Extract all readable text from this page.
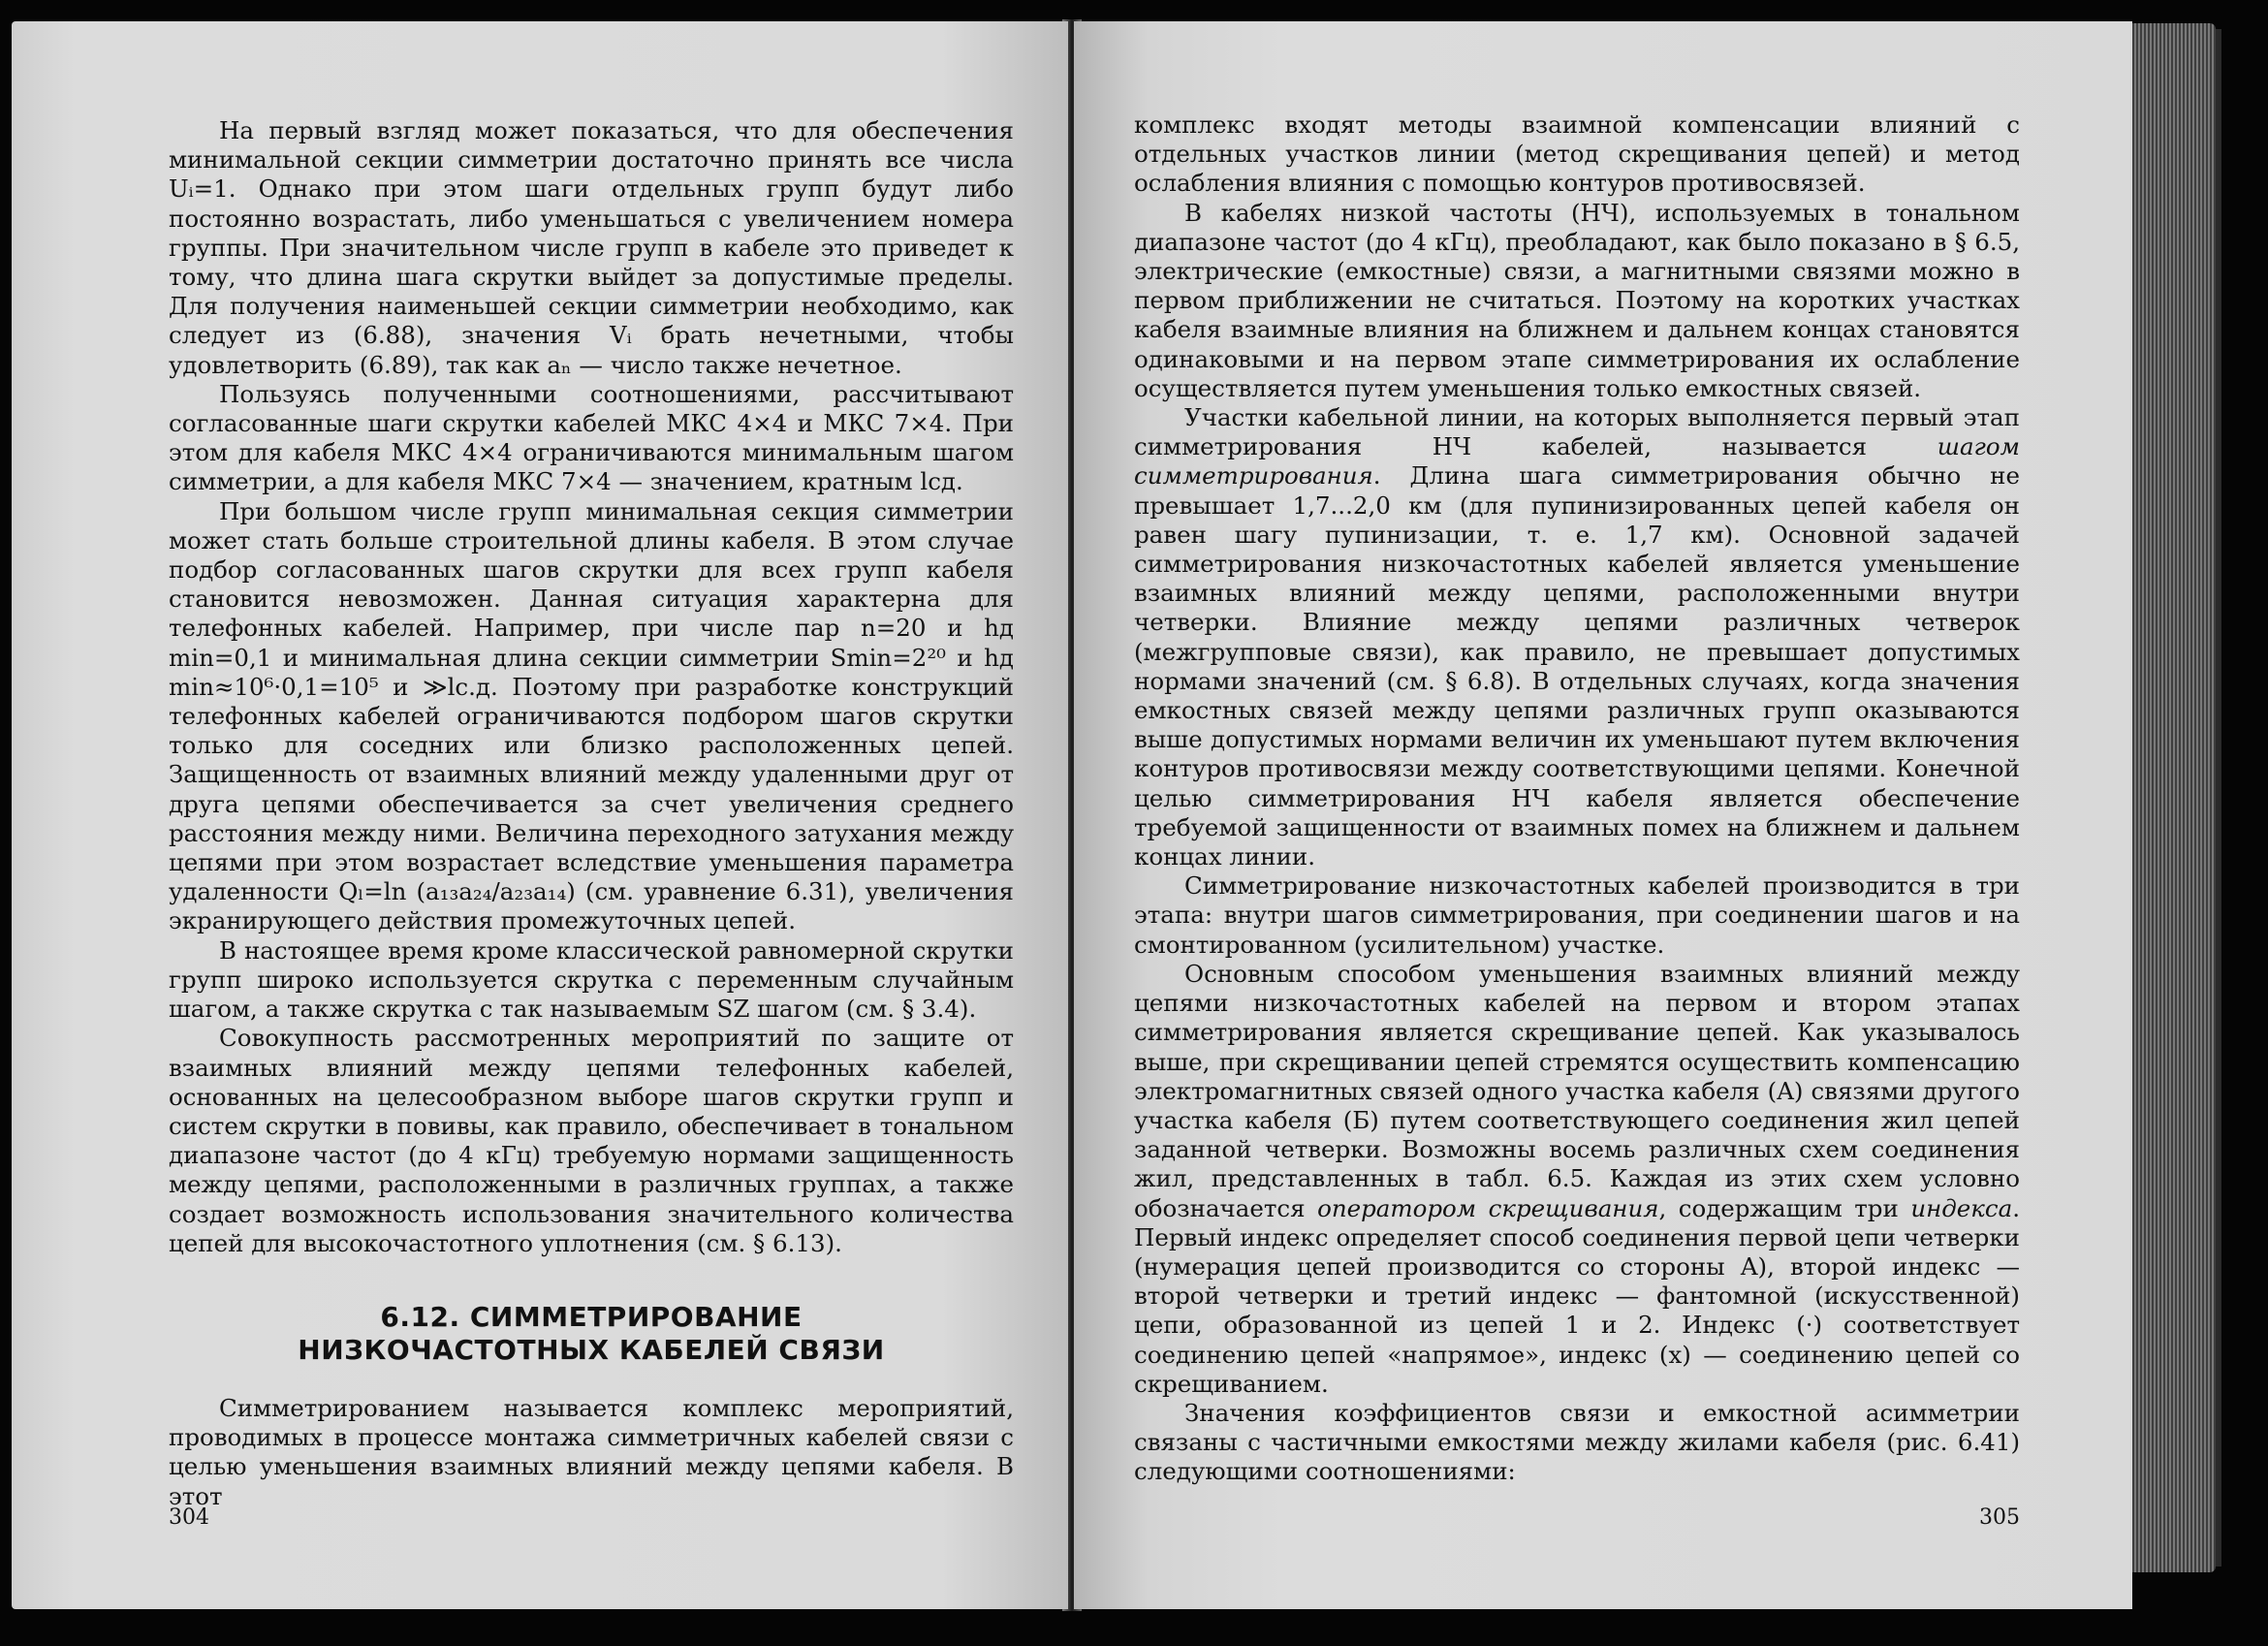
На первый взгляд может показаться, что для обеспечения минимальной секции симметрии достаточно принять все числа Uᵢ=1. Однако при этом шаги отдельных групп будут либо постоянно возрастать, либо уменьшаться с увеличением номера группы. При значительном числе групп в кабеле это приведет к тому, что длина шага скрутки выйдет за допустимые пределы. Для получения наименьшей секции симметрии необходимо, как следует из (6.88), значения Vᵢ брать нечетными, чтобы удовлетворить (6.89), так как aₙ — число также нечетное.

Пользуясь полученными соотношениями, рассчитывают согласованные шаги скрутки кабелей МКС 4×4 и МКС 7×4. При этом для кабеля МКС 4×4 ограничиваются минимальным шагом симметрии, а для кабеля МКС 7×4 — значением, кратным lсд.

При большом числе групп минимальная секция симметрии может стать больше строительной длины кабеля. В этом случае подбор согласованных шагов скрутки для всех групп кабеля становится невозможен. Данная ситуация характерна для телефонных кабелей. Например, при числе пар n=20 и hд min=0,1 и минимальная длина секции симметрии Smin=2²⁰ и hд min≈10⁶·0,1=10⁵ и ≫lс.д. Поэтому при разработке конструкций телефонных кабелей ограничиваются подбором шагов скрутки только для соседних или близко расположенных цепей. Защищенность от взаимных влияний между удаленными друг от друга цепями обеспечивается за счет увеличения среднего расстояния между ними. Величина переходного затухания между цепями при этом возрастает вследствие уменьшения параметра удаленности Qₗ=ln (a₁₃a₂₄/a₂₃a₁₄) (см. уравнение 6.31), увеличения экранирующего действия промежуточных цепей.

В настоящее время кроме классической равномерной скрутки групп широко используется скрутка с переменным случайным шагом, а также скрутка с так называемым SZ шагом (см. § 3.4).

Совокупность рассмотренных мероприятий по защите от взаимных влияний между цепями телефонных кабелей, основанных на целесообразном выборе шагов скрутки групп и систем скрутки в повивы, как правило, обеспечивает в тональном диапазоне частот (до 4 кГц) требуемую нормами защищенность между цепями, расположенными в различных группах, а также создает возможность использования значительного количества цепей для высокочастотного уплотнения (см. § 6.13).

6.12. СИММЕТРИРОВАНИЕ
НИЗКОЧАСТОТНЫХ КАБЕЛЕЙ СВЯЗИ

Симметрированием называется комплекс мероприятий, проводимых в процессе монтажа симметричных кабелей связи с целью уменьшения взаимных влияний между цепями кабеля. В этот

304

комплекс входят методы взаимной компенсации влияний с отдельных участков линии (метод скрещивания цепей) и метод ослабления влияния с помощью контуров противосвязей.

В кабелях низкой частоты (НЧ), используемых в тональном диапазоне частот (до 4 кГц), преобладают, как было показано в § 6.5, электрические (емкостные) связи, а магнитными связями можно в первом приближении не считаться. Поэтому на коротких участках кабеля взаимные влияния на ближнем и дальнем концах становятся одинаковыми и на первом этапе симметрирования их ослабление осуществляется путем уменьшения только емкостных связей.

Участки кабельной линии, на которых выполняется первый этап симметрирования НЧ кабелей, называется шагом симметрирования. Длина шага симметрирования обычно не превышает 1,7...2,0 км (для пупинизированных цепей кабеля он равен шагу пупинизации, т. е. 1,7 км). Основной задачей симметрирования низкочастотных кабелей является уменьшение взаимных влияний между цепями, расположенными внутри четверки. Влияние между цепями различных четверок (межгрупповые связи), как правило, не превышает допустимых нормами значений (см. § 6.8). В отдельных случаях, когда значения емкостных связей между цепями различных групп оказываются выше допустимых нормами величин их уменьшают путем включения контуров противосвязи между соответствующими цепями. Конечной целью симметрирования НЧ кабеля является обеспечение требуемой защищенности от взаимных помех на ближнем и дальнем концах линии.

Симметрирование низкочастотных кабелей производится в три этапа: внутри шагов симметрирования, при соединении шагов и на смонтированном (усилительном) участке.

Основным способом уменьшения взаимных влияний между цепями низкочастотных кабелей на первом и втором этапах симметрирования является скрещивание цепей. Как указывалось выше, при скрещивании цепей стремятся осуществить компенсацию электромагнитных связей одного участка кабеля (A) связями другого участка кабеля (Б) путем соответствующего соединения жил цепей заданной четверки. Возможны восемь различных схем соединения жил, представленных в табл. 6.5. Каждая из этих схем условно обозначается оператором скрещивания, содержащим три индекса. Первый индекс определяет способ соединения первой цепи четверки (нумерация цепей производится со стороны A), второй индекс — второй четверки и третий индекс — фантомной (искусственной) цепи, образованной из цепей 1 и 2. Индекс (·) соответствует соединению цепей «напрямое», индекс (x) — соединению цепей со скрещиванием.

Значения коэффициентов связи и емкостной асимметрии связаны с частичными емкостями между жилами кабеля (рис. 6.41) следующими соотношениями:

305
